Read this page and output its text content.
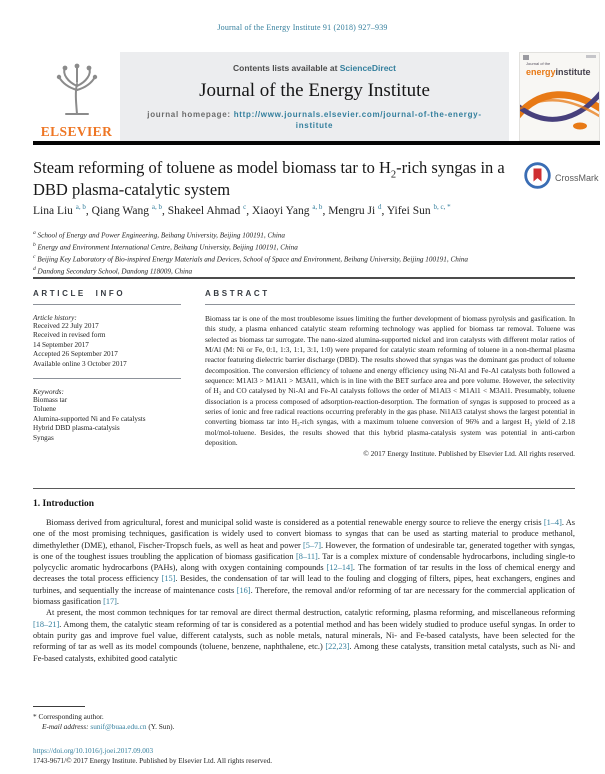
Journal of the Energy Institute 91 (2018) 927–939
ELSEVIER
Contents lists available at ScienceDirect
Journal of the Energy Institute
journal homepage: http://www.journals.elsevier.com/journal-of-the-energy-institute
Journal of the
energyinstitute
Steam reforming of toluene as model biomass tar to $H_2$-rich syngas in a DBD plasma-catalytic system
CrossMark
Lina Liu $^{a, b}$, Qiang Wang $^{a, b}$, Shakeel Ahmad $^c$, Xiaoyi Yang $^{a, b}$, Mengru Ji $^d$, Yifei Sun $^{b, c, *}$
$^a$ School of Energy and Power Engineering, Beihang University, Beijing 100191, China
$^b$ Energy and Environment International Centre, Beihang University, Beijing 100191, China
$^c$ Beijing Key Laboratory of Bio-inspired Energy Materials and Devices, School of Space and Environment, Beihang University, Beijing 100191, China
$^d$ Dandong Secondary School, Dandong 118009, China
ARTICLE INFO
Article history:
Received 22 July 2017
Received in revised form
14 September 2017
Accepted 26 September 2017
Available online 3 October 2017
Keywords:
Biomass tar
Toluene
Alumina-supported Ni and Fe catalysts
Hybrid DBD plasma-catalysis
Syngas
ABSTRACT
Biomass tar is one of the most troublesome issues limiting the further development of biomass pyrolysis and gasification. In this study, a plasma enhanced catalytic steam reforming technology was applied for biomass tar removal. Toluene was selected as biomass tar surrogate. The nano-sized alumina-supported nickel and iron catalysts with different molar ratios of M/Al (M: Ni or Fe, 0:1, 1:3, 1:1, 3:1, 1:0) were prepared for catalytic steam reforming of toluene in a non-thermal plasma reactor featuring dielectric barrier discharge (DBD). The results showed that syngas was the dominant gas product of toluene decomposition. The conversion efficiency of toluene and energy efficiency using Ni-Al and Fe-Al catalysts both followed a sequence: M1Al3 > M1Al1 > M3Al1, which is in line with the BET surface area and pore volume. However, the selectivity of H₂ and CO catalysed by Ni-Al and Fe-Al catalysts follows the order of M1Al3 < M1Al1 < M3Al1. Presumably, toluene dissociation is a process composed of adsorption-reaction-desorption. The formation of syngas is supposed to proceed as a series of ionic and free radical reactions occurring preferably in the gas phase. Ni1Al3 catalyst shows the largest potential in converting biomass tar into H₂-rich syngas, with a maximum toluene conversion of 96% and a largest H₂ yield of 2.18 mol/mol-toluene. Besides, the results showed that this hybrid plasma-catalysis system was potential in anti-carbon deposition.
© 2017 Energy Institute. Published by Elsevier Ltd. All rights reserved.
1. Introduction

Biomass derived from agricultural, forest and municipal solid waste is considered as a potential renewable energy source to relieve the energy crisis [1–4]. As one of the most promising techniques, gasification is widely used to convert biomass to syngas that can be used as starting material to produce methanol, dimethylether (DME), ethanol, Fischer-Tropsch fuels, as well as heat and power [5–7]. However, the formation of undesirable tar, generated together with syngas, is one of the toughest issues troubling the application of biomass gasification [8–11]. Tar is a complex mixture of condensable hydrocarbons, including single-to polycyclic aromatic hydrocarbons (PAHs), along with oxygen containing compounds [12–14]. The formation of tar results in the loss of chemical energy and decreases the total process efficiency [15]. Besides, the condensation of tar will lead to the fouling and clogging of filters, pipes, heat exchangers, engines and turbines, and sequentially the increase of maintenance costs [16]. Therefore, the removal and/or reforming of tar are necessary for the commercial application of biomass gasification [17].

At present, the most common techniques for tar removal are direct thermal destruction, catalytic reforming, plasma reforming, and miscellaneous reforming [18–21]. Among them, the catalytic steam reforming of tar is considered as a potential method and has been widely studied to produce useful syngas. In order to obtain purity gas and improve fuel value, different catalysts, such as noble metals, natural minerals, Ni- and Fe-based catalysts, have been selected for the reforming of tar as well as its model compounds (toluene, benzene, naphthalene, etc.) [22,23]. Among these catalysts, transition metal catalysts, such as Ni- and Fe-based catalysts, exhibited good catalytic

* Corresponding author.
E-mail address: sunif@buaa.edu.cn (Y. Sun).
https://doi.org/10.1016/j.joei.2017.09.003
1743-9671/© 2017 Energy Institute. Published by Elsevier Ltd. All rights reserved.
